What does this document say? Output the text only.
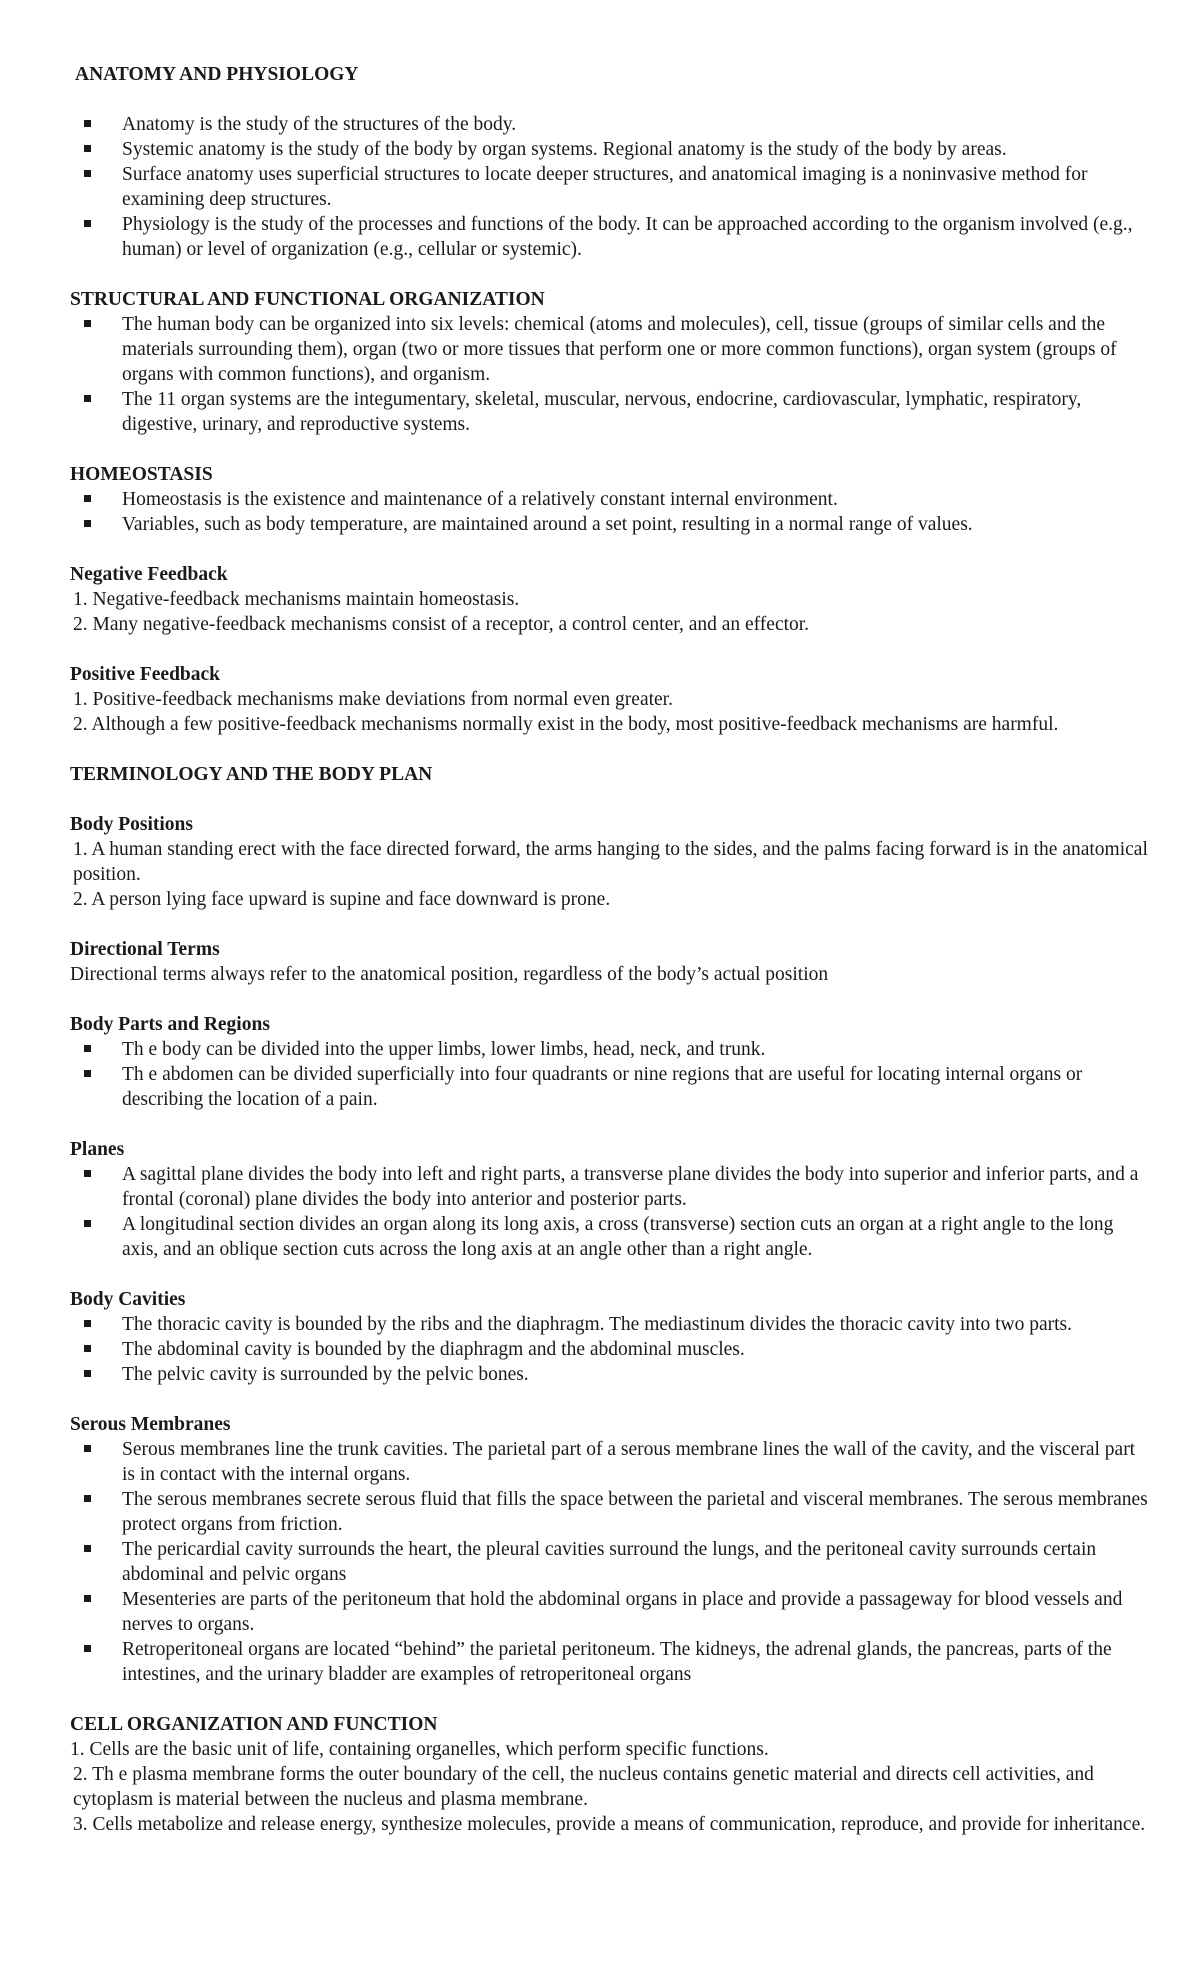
ANATOMY AND PHYSIOLOGY
Anatomy is the study of the structures of the body.
Systemic anatomy is the study of the body by organ systems. Regional anatomy is the study of the body by areas.
Surface anatomy uses superficial structures to locate deeper structures, and anatomical imaging is a noninvasive method for examining deep structures.
Physiology is the study of the processes and functions of the body. It can be approached according to the organism involved (e.g., human) or level of organization (e.g., cellular or systemic).
STRUCTURAL AND FUNCTIONAL ORGANIZATION
The human body can be organized into six levels: chemical (atoms and molecules), cell, tissue (groups of similar cells and the materials surrounding them), organ (two or more tissues that perform one or more common functions), organ system (groups of organs with common functions), and organism.
The 11 organ systems are the integumentary, skeletal, muscular, nervous, endocrine, cardiovascular, lymphatic, respiratory, digestive, urinary, and reproductive systems.
HOMEOSTASIS
Homeostasis is the existence and maintenance of a relatively constant internal environment.
Variables, such as body temperature, are maintained around a set point, resulting in a normal range of values.
Negative Feedback
1. Negative-feedback mechanisms maintain homeostasis.
2. Many negative-feedback mechanisms consist of a receptor, a control center, and an effector.
Positive Feedback
1. Positive-feedback mechanisms make deviations from normal even greater.
2. Although a few positive-feedback mechanisms normally exist in the body, most positive-feedback mechanisms are harmful.
TERMINOLOGY AND THE BODY PLAN
Body Positions
1. A human standing erect with the face directed forward, the arms hanging to the sides, and the palms facing forward is in the anatomical position.
2. A person lying face upward is supine and face downward is prone.
Directional Terms
Directional terms always refer to the anatomical position, regardless of the body’s actual position
Body Parts and Regions
Th e body can be divided into the upper limbs, lower limbs, head, neck, and trunk.
Th e abdomen can be divided superficially into four quadrants or nine regions that are useful for locating internal organs or describing the location of a pain.
Planes
A sagittal plane divides the body into left and right parts, a transverse plane divides the body into superior and inferior parts, and a frontal (coronal) plane divides the body into anterior and posterior parts.
A longitudinal section divides an organ along its long axis, a cross (transverse) section cuts an organ at a right angle to the long axis, and an oblique section cuts across the long axis at an angle other than a right angle.
Body Cavities
The thoracic cavity is bounded by the ribs and the diaphragm. The mediastinum divides the thoracic cavity into two parts.
The abdominal cavity is bounded by the diaphragm and the abdominal muscles.
The pelvic cavity is surrounded by the pelvic bones.
Serous Membranes
Serous membranes line the trunk cavities. The parietal part of a serous membrane lines the wall of the cavity, and the visceral part is in contact with the internal organs.
The serous membranes secrete serous fluid that fills the space between the parietal and visceral membranes. The serous membranes protect organs from friction.
The pericardial cavity surrounds the heart, the pleural cavities surround the lungs, and the peritoneal cavity surrounds certain abdominal and pelvic organs
Mesenteries are parts of the peritoneum that hold the abdominal organs in place and provide a passageway for blood vessels and nerves to organs.
Retroperitoneal organs are located “behind” the parietal peritoneum. The kidneys, the adrenal glands, the pancreas, parts of the intestines, and the urinary bladder are examples of retroperitoneal organs
CELL ORGANIZATION AND FUNCTION
1. Cells are the basic unit of life, containing organelles, which perform specific functions.
2. Th e plasma membrane forms the outer boundary of the cell, the nucleus contains genetic material and directs cell activities, and cytoplasm is material between the nucleus and plasma membrane.
3. Cells metabolize and release energy, synthesize molecules, provide a means of communication, reproduce, and provide for inheritance.
